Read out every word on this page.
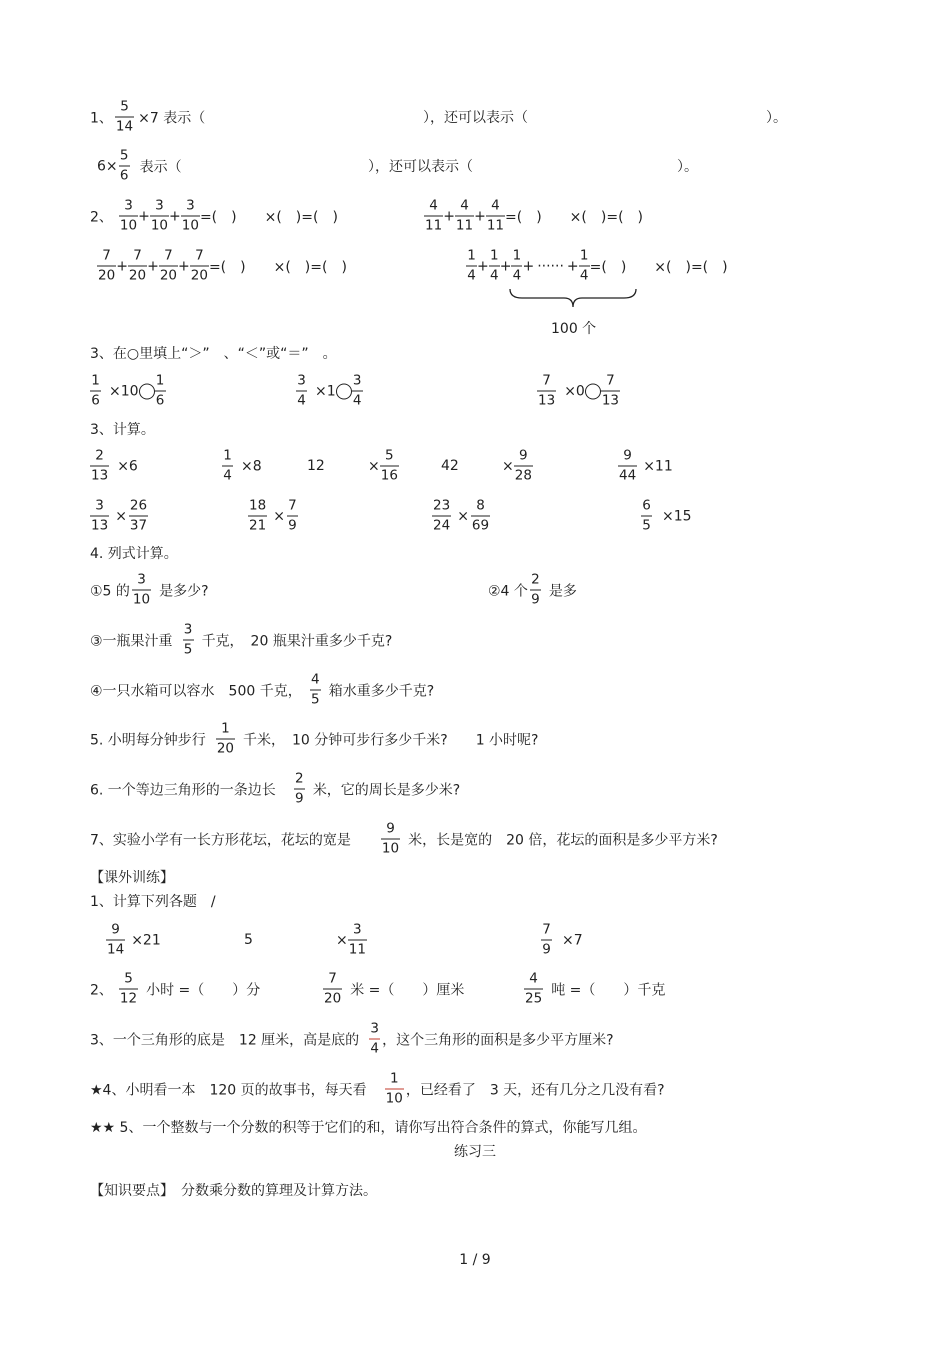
1、 $\frac{5}{14} \times 7$ 表示（	），还可以表示（	）。
$6\times \frac{5}{6}$ 表示（	），还可以表示（	）。
2、 $\frac{3}{10} + \frac{3}{10} + \frac{3}{10}$ =(　)　　×(　)=(　)	$\frac{4}{11} + \frac{4}{11} + \frac{4}{11}$ =(　)　　×(　)=(　)
$\frac{7}{20} + \frac{7}{20} + \frac{7}{20} + \frac{7}{20}$ =(　)　　×(　)=(　)	$\frac{1}{4} + \frac{1}{4} + \frac{1}{4}$ + ······ + $\frac{1}{4}$ =(　)　　×(　)=(　)
100 个
3、在○里填上“＞”　、“＜”或“＝”　。
$\frac{1}{6} \times 10 \frac{1}{6}$	$\frac{3}{4} \times 1 \frac{3}{4}$	$\frac{7}{13} \times 0 \frac{7}{13}$
3、计算。
$\frac{2}{13} \times 6$	$\frac{1}{4} \times 8$	12	× $\frac{5}{16}$	42	× $\frac{9}{28}$	$\frac{9}{44} \times 11$
$\frac{3}{13} \times \frac{26}{37}$	$\frac{18}{21} \times \frac{7}{9}$	$\frac{23}{24} \times \frac{8}{69}$	$\frac{6}{5} \times 15$
4. 列式计算。
①5 的 $\frac{3}{10}$ 是多少?	②4 个 $\frac{2}{9}$ 是多
③一瓶果汁重 $\frac{3}{5}$ 千克，　20 瓶果汁重多少千克?
④一只水箱可以容水　500 千克， $\frac{4}{5}$ 箱水重多少千克?
5. 小明每分钟步行 $\frac{1}{20}$ 千米，　10 分钟可步行多少千米?　　1 小时呢?
6. 一个等边三角形的一条边长 $\frac{2}{9}$ 米，它的周长是多少米?
7、实验小学有一长方形花坛，花坛的宽是 $\frac{9}{10}$ 米，长是宽的　20 倍，花坛的面积是多少平方米?
【课外训练】
1、计算下列各题　/
$\frac{9}{14} \times 21$	5	× $\frac{3}{11}$	$\frac{7}{9} \times 7$
2、 $\frac{5}{12}$ 小时 =（　　）分	$\frac{7}{20}$ 米 =（　　）厘米	$\frac{4}{25}$ 吨 =（　　）千克
3、一个三角形的底是　12 厘米，高是底的 $\frac{3}{4}$ ，这个三角形的面积是多少平方厘米?
★4、小明看一本　120 页的故事书，每天看 $\frac{1}{10}$ ，已经看了　3 天，还有几分之几没有看?
★★ 5、一个整数与一个分数的积等于它们的和，请你写出符合条件的算式，你能写几组。
练习三
【知识要点】　分数乘分数的算理及计算方法。
1 / 9
